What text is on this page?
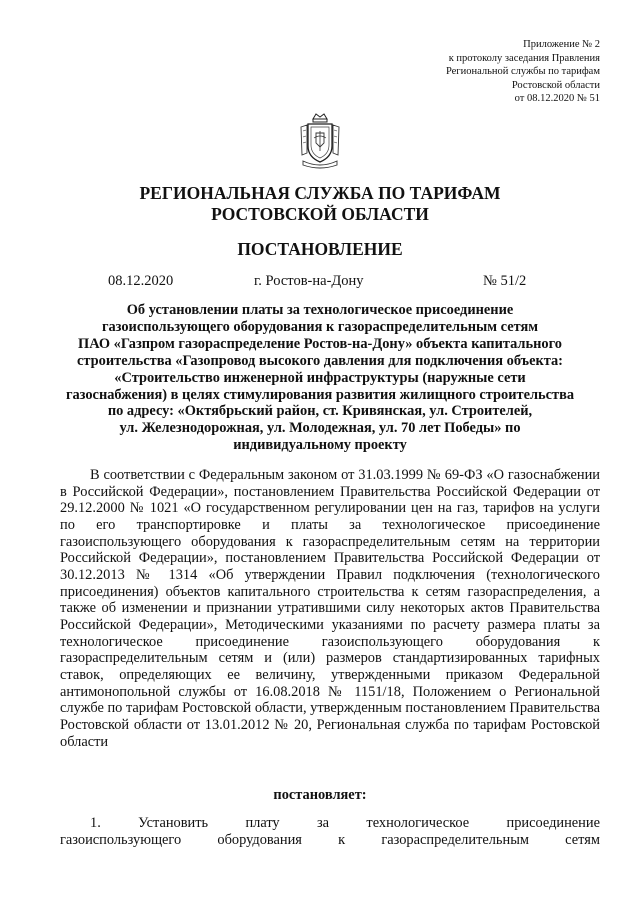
Приложение № 2
к протоколу заседания Правления
Региональной службы по тарифам
Ростовской области
от 08.12.2020 № 51
РЕГИОНАЛЬНАЯ СЛУЖБА ПО ТАРИФАМ
РОСТОВСКОЙ ОБЛАСТИ
ПОСТАНОВЛЕНИЕ
08.12.2020	г. Ростов-на-Дону	№ 51/2
Об установлении платы за технологическое присоединение
газоиспользующего оборудования к газораспределительным сетям
ПАО «Газпром газораспределение Ростов-на-Дону» объекта капитального
строительства «Газопровод высокого давления для подключения объекта:
«Строительство инженерной инфраструктуры (наружные сети
газоснабжения) в целях стимулирования развития жилищного строительства
по адресу: «Октябрьский район, ст. Кривянская, ул. Строителей,
ул. Железнодорожная, ул. Молодежная, ул. 70 лет Победы» по
индивидуальному проекту
В соответствии с Федеральным законом от 31.03.1999 № 69-ФЗ «О газоснабжении в Российской Федерации», постановлением Правительства Российской Федерации от 29.12.2000 № 1021 «О государственном регулировании цен на газ, тарифов на услуги по его транспортировке и платы за технологическое присоединение газоиспользующего оборудования к газораспределительным сетям на территории Российской Федерации», постановлением Правительства Российской Федерации от 30.12.2013 № 1314 «Об утверждении Правил подключения (технологического присоединения) объектов капитального строительства к сетям газораспределения, а также об изменении и признании утратившими силу некоторых актов Правительства Российской Федерации», Методическими указаниями по расчету размера платы за технологическое присоединение газоиспользующего оборудования к газораспределительным сетям и (или) размеров стандартизированных тарифных ставок, определяющих ее величину, утвержденными приказом Федеральной антимонопольной службы от 16.08.2018 № 1151/18, Положением о Региональной службе по тарифам Ростовской области, утвержденным постановлением Правительства Ростовской области от 13.01.2012 № 20, Региональная служба по тарифам Ростовской области
постановляет:
1.	Установить	плату	за	технологическое	присоединение
газоиспользующего	оборудования	к	газораспределительным	сетям
